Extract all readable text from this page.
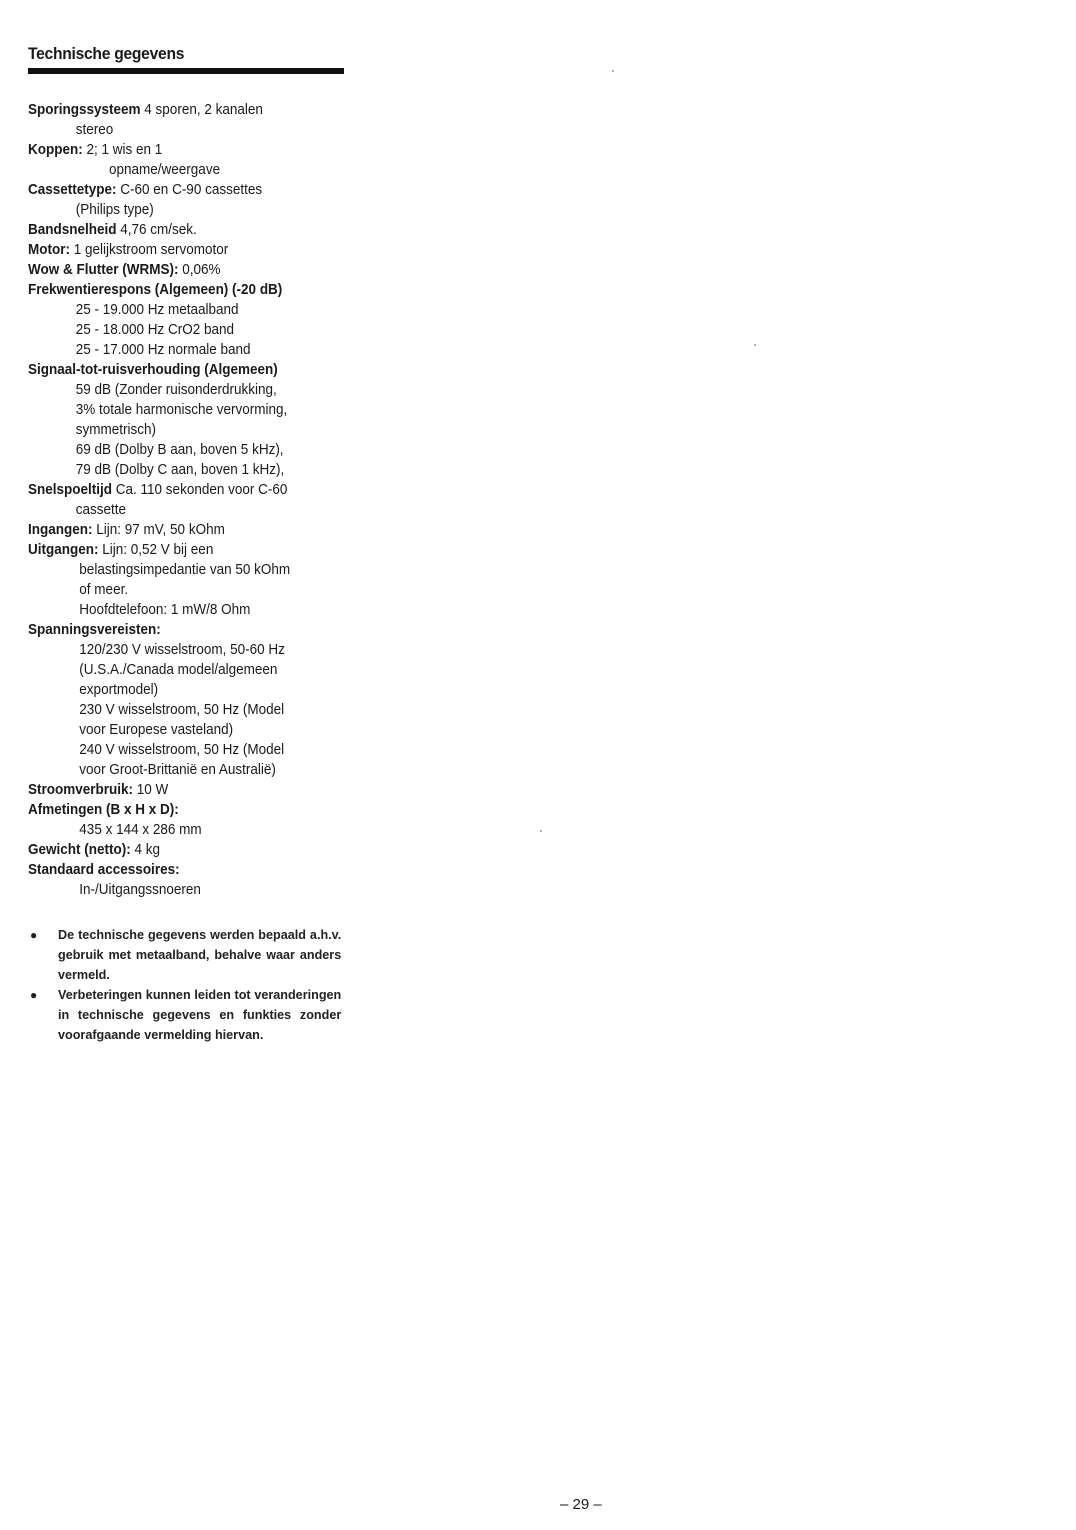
Technische gegevens
Sporingssysteem 4 sporen, 2 kanalen
stereo
Koppen: 2; 1 wis en 1
opname/weergave
Cassettetype: C-60 en C-90 cassettes
(Philips type)
Bandsnelheid 4,76 cm/sek.
Motor: 1 gelijkstroom servomotor
Wow & Flutter (WRMS): 0,06%
Frekwentierespons (Algemeen) (-20 dB)
25 - 19.000 Hz metaalband
25 - 18.000 Hz CrO2 band
25 - 17.000 Hz normale band
Signaal-tot-ruisverhouding (Algemeen)
59 dB (Zonder ruisonderdrukking,
3% totale harmonische vervorming,
symmetrisch)
69 dB (Dolby B aan, boven 5 kHz),
79 dB (Dolby C aan, boven 1 kHz),
Snelspoeltijd Ca. 110 sekonden voor C-60
cassette
Ingangen: Lijn: 97 mV, 50 kOhm
Uitgangen: Lijn: 0,52 V bij een
belastingsimpedantie van 50 kOhm
of meer.
Hoofdtelefoon: 1 mW/8 Ohm
Spanningsvereisten:
120/230 V wisselstroom, 50-60 Hz
(U.S.A./Canada model/algemeen
exportmodel)
230 V wisselstroom, 50 Hz (Model
voor Europese vasteland)
240 V wisselstroom, 50 Hz (Model
voor Groot-Brittanië en Australië)
Stroomverbruik: 10 W
Afmetingen (B x H x D):
435 x 144 x 286 mm
Gewicht (netto): 4 kg
Standaard accessoires:
In-/Uitgangssnoeren
●	De technische gegevens werden bepaald a.h.v. gebruik met metaalband, behalve waar anders vermeld.
●	Verbeteringen kunnen leiden tot veranderingen in technische gegevens en funkties zonder voorafgaande vermelding hiervan.
– 29 –
